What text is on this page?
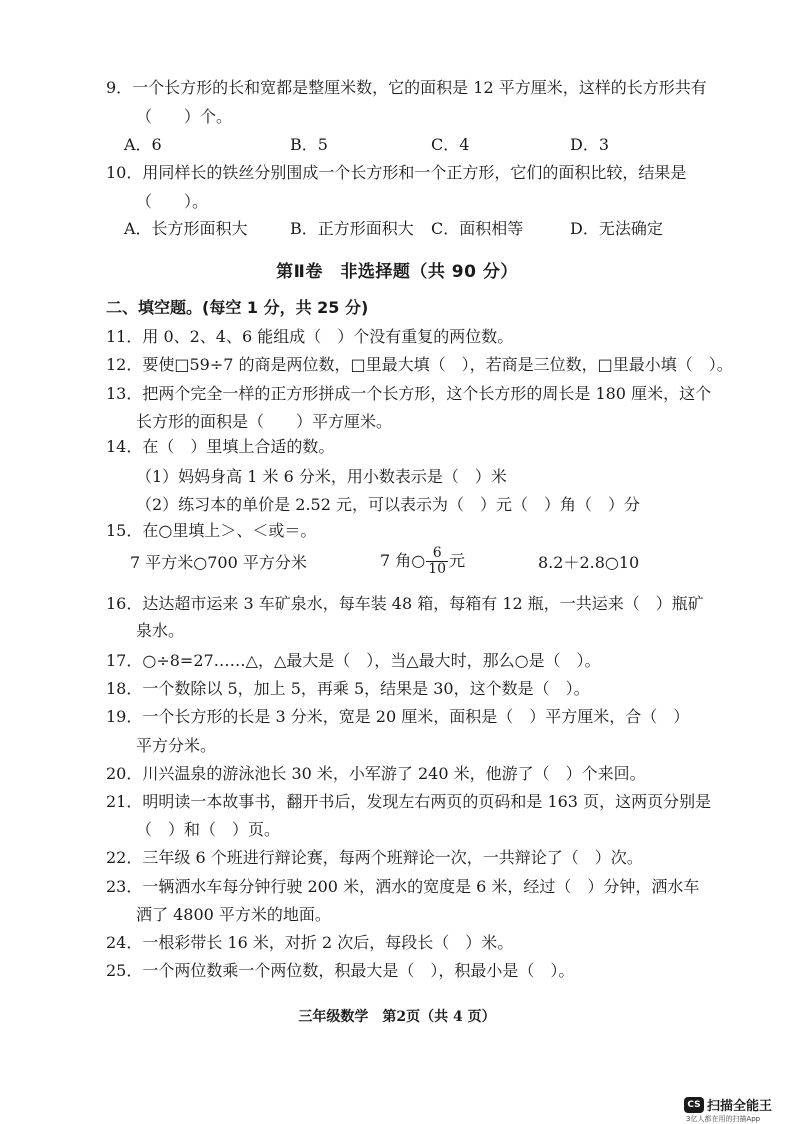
9．一个长方形的长和宽都是整厘米数，它的面积是 12 平方厘米，这样的长方形共有
（　　）个。
A．6	B．5	C．4	D．3
10．用同样长的铁丝分别围成一个长方形和一个正方形，它们的面积比较，结果是
（　　）。
A．长方形面积大	B．正方形面积大 C．面积相等	D．无法确定
第Ⅱ卷　非选择题（共 90 分）
二、填空题。(每空 1 分，共 25 分)
11．用 0、2、4、6 能组成（　）个没有重复的两位数。
12．要使□59÷7 的商是两位数，□里最大填（　），若商是三位数，□里最小填（　）。
13．把两个完全一样的正方形拼成一个长方形，这个长方形的周长是 180 厘米，这个
长方形的面积是（　　）平方厘米。
14．在（　）里填上合适的数。
（1）妈妈身高 1 米 6 分米，用小数表示是（　）米
（2）练习本的单价是 2.52 元，可以表示为（　）元（　）角（　）分
15．在○里填上＞、＜或＝。
7 平方米○700 平方分米	7 角○ $\frac{6}{10}$ 元	8.2＋2.8○10
16．达达超市运来 3 车矿泉水，每车装 48 箱，每箱有 12 瓶，一共运来（　）瓶矿
泉水。
17．○÷8=27……△，△最大是（　），当△最大时，那么○是（　）。
18．一个数除以 5，加上 5，再乘 5，结果是 30，这个数是（　）。
19．一个长方形的长是 3 分米，宽是 20 厘米，面积是（　）平方厘米，合（　）
平方分米。
20．川兴温泉的游泳池长 30 米，小军游了 240 米，他游了（　）个来回。
21．明明读一本故事书，翻开书后，发现左右两页的页码和是 163 页，这两页分别是
（　）和（　）页。
22．三年级 6 个班进行辩论赛，每两个班辩论一次，一共辩论了（　）次。
23．一辆洒水车每分钟行驶 200 米，洒水的宽度是 6 米，经过（　）分钟，洒水车
洒了 4800 平方米的地面。
24．一根彩带长 16 米，对折 2 次后，每段长（　）米。
25．一个两位数乘一个两位数，积最大是（　），积最小是（　）。
三年级数学　第2页（共 4 页）
CS 扫描全能王
3亿人都在用的扫描App
